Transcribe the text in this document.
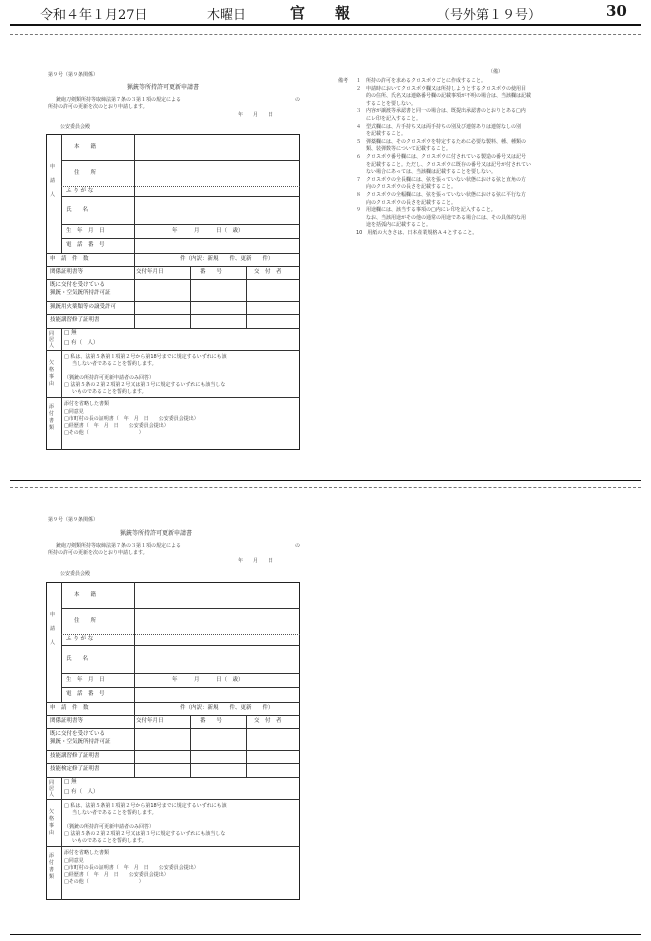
令和４年１月27日	木曜日	官　　報	（号外第１９号）	30
（備）
備考 １　所持の許可を求めるクロスボウごとに作成すること。
２　申請時においてクロスボウ欄又は所持しようとするクロスボウの使用目
　　的の住所、氏名又は連絡番号欄の記載事項が不明の場合は、当該欄は記載
　　することを要しない。
３　内容が譲渡等承認書と同一の場合は、既提出承認書のとおりとある□内
　　にレ印を記入すること。
４　型式欄には、片手持ち又は両手持ちの別及び連射ありは連射なしの別
　　を記載すること。
５　弾薬欄には、そのクロスボウを特定するために必要な製料、種、種類の
　　類、装弾数等について記載すること。
６　クロスボウ番号欄には、クロスボウに付されている製造の番号又は記号
　　を記載すること。ただし、クロスボウに既存の番号又は記号が付されてい
　　ない場合にあっては、当該欄は記載することを要しない。
７　クロスボウの全長欄には、弦を張っていない状態における弦と直角の方
　　向のクロスボウの長さを記載すること。
８　クロスボウの全幅欄には、弦を張っていない状態における弦に平行な方
　　向のクロスボウの長さを記載すること。
９　用途欄には、該当する事項の□内にレ印を記入すること。
　　なお、当該用途がその他の通常の用途である場合には、その具体的な用
　　途を括弧内に記載すること。
10　用紙の大きさは、日本産業規格Ａ４とすること。
第９号（第９条関係）
猟銃等所持許可更新申請書
銃砲刀剣類所持等取締法第７条の３第１項の規定による	の
所持の許可の更新を次のとおり申請します。
年　　月　　日
公安委員会殿
申請人
本　　籍
住　　所
ふ り が な
氏　　名
生　年　月　日	年　　　月　　　日（　歳）
電　話　番　号
申　請　件　数	件（内訳：新規　　件、更新　　件）
関係証明書等	交付年月日	番　　号	交　付　者
既に交付を受けている
猟銃・空気銃所持許可証
猟銃用火薬類等の譲受許可
技能講習修了証明書
同居人
□ 無
□ 有（　人）
欠格事由
□ 私は、法第５条第１項第２号から第18号までに規定するいずれにも該
当しない者であることを誓約します。
（猟銃の所持許可更新申請者のみ回答）
□ 法第５条の２第２項第２号又は第３号に規定するいずれにも該当しな
いものであることを誓約します。
添付書類
添付を省略した書類
□同意見
□市町村の長の証明書（　年　月　日　　公安委員会提出）
□経歴書（　年　月　日　　公安委員会提出）
□その他（　　　　　　　　　　）
第９号（第９条関係）
猟銃等所持許可更新申請書
銃砲刀剣類所持等取締法第７条の３第１項の規定による	の
所持の許可の更新を次のとおり申請します。
年　　月　　日
公安委員会殿
申請人
本　　籍
住　　所
ふ り が な
氏　　名
生　年　月　日	年　　　月　　　日（　歳）
電　話　番　号
申　請　件　数	件（内訳：新規　　件、更新　　件）
関係証明書等	交付年月日	番　　号	交　付　者
既に交付を受けている
猟銃・空気銃所持許可証
技能講習修了証明書
技能検定修了証明書
同居人
□ 無
□ 有（　人）
欠格事由
□ 私は、法第５条第１項第２号から第18号までに規定するいずれにも該
当しない者であることを誓約します。
（猟銃の所持許可更新申請者のみ回答）
□ 法第５条の２第２項第２号又は第３号に規定するいずれにも該当しな
いものであることを誓約します。
添付書類
添付を省略した書類
□同意見
□市町村の長の証明書（　年　月　日　　公安委員会提出）
□経歴書（　年　月　日　　公安委員会提出）
□その他（　　　　　　　　　　）
